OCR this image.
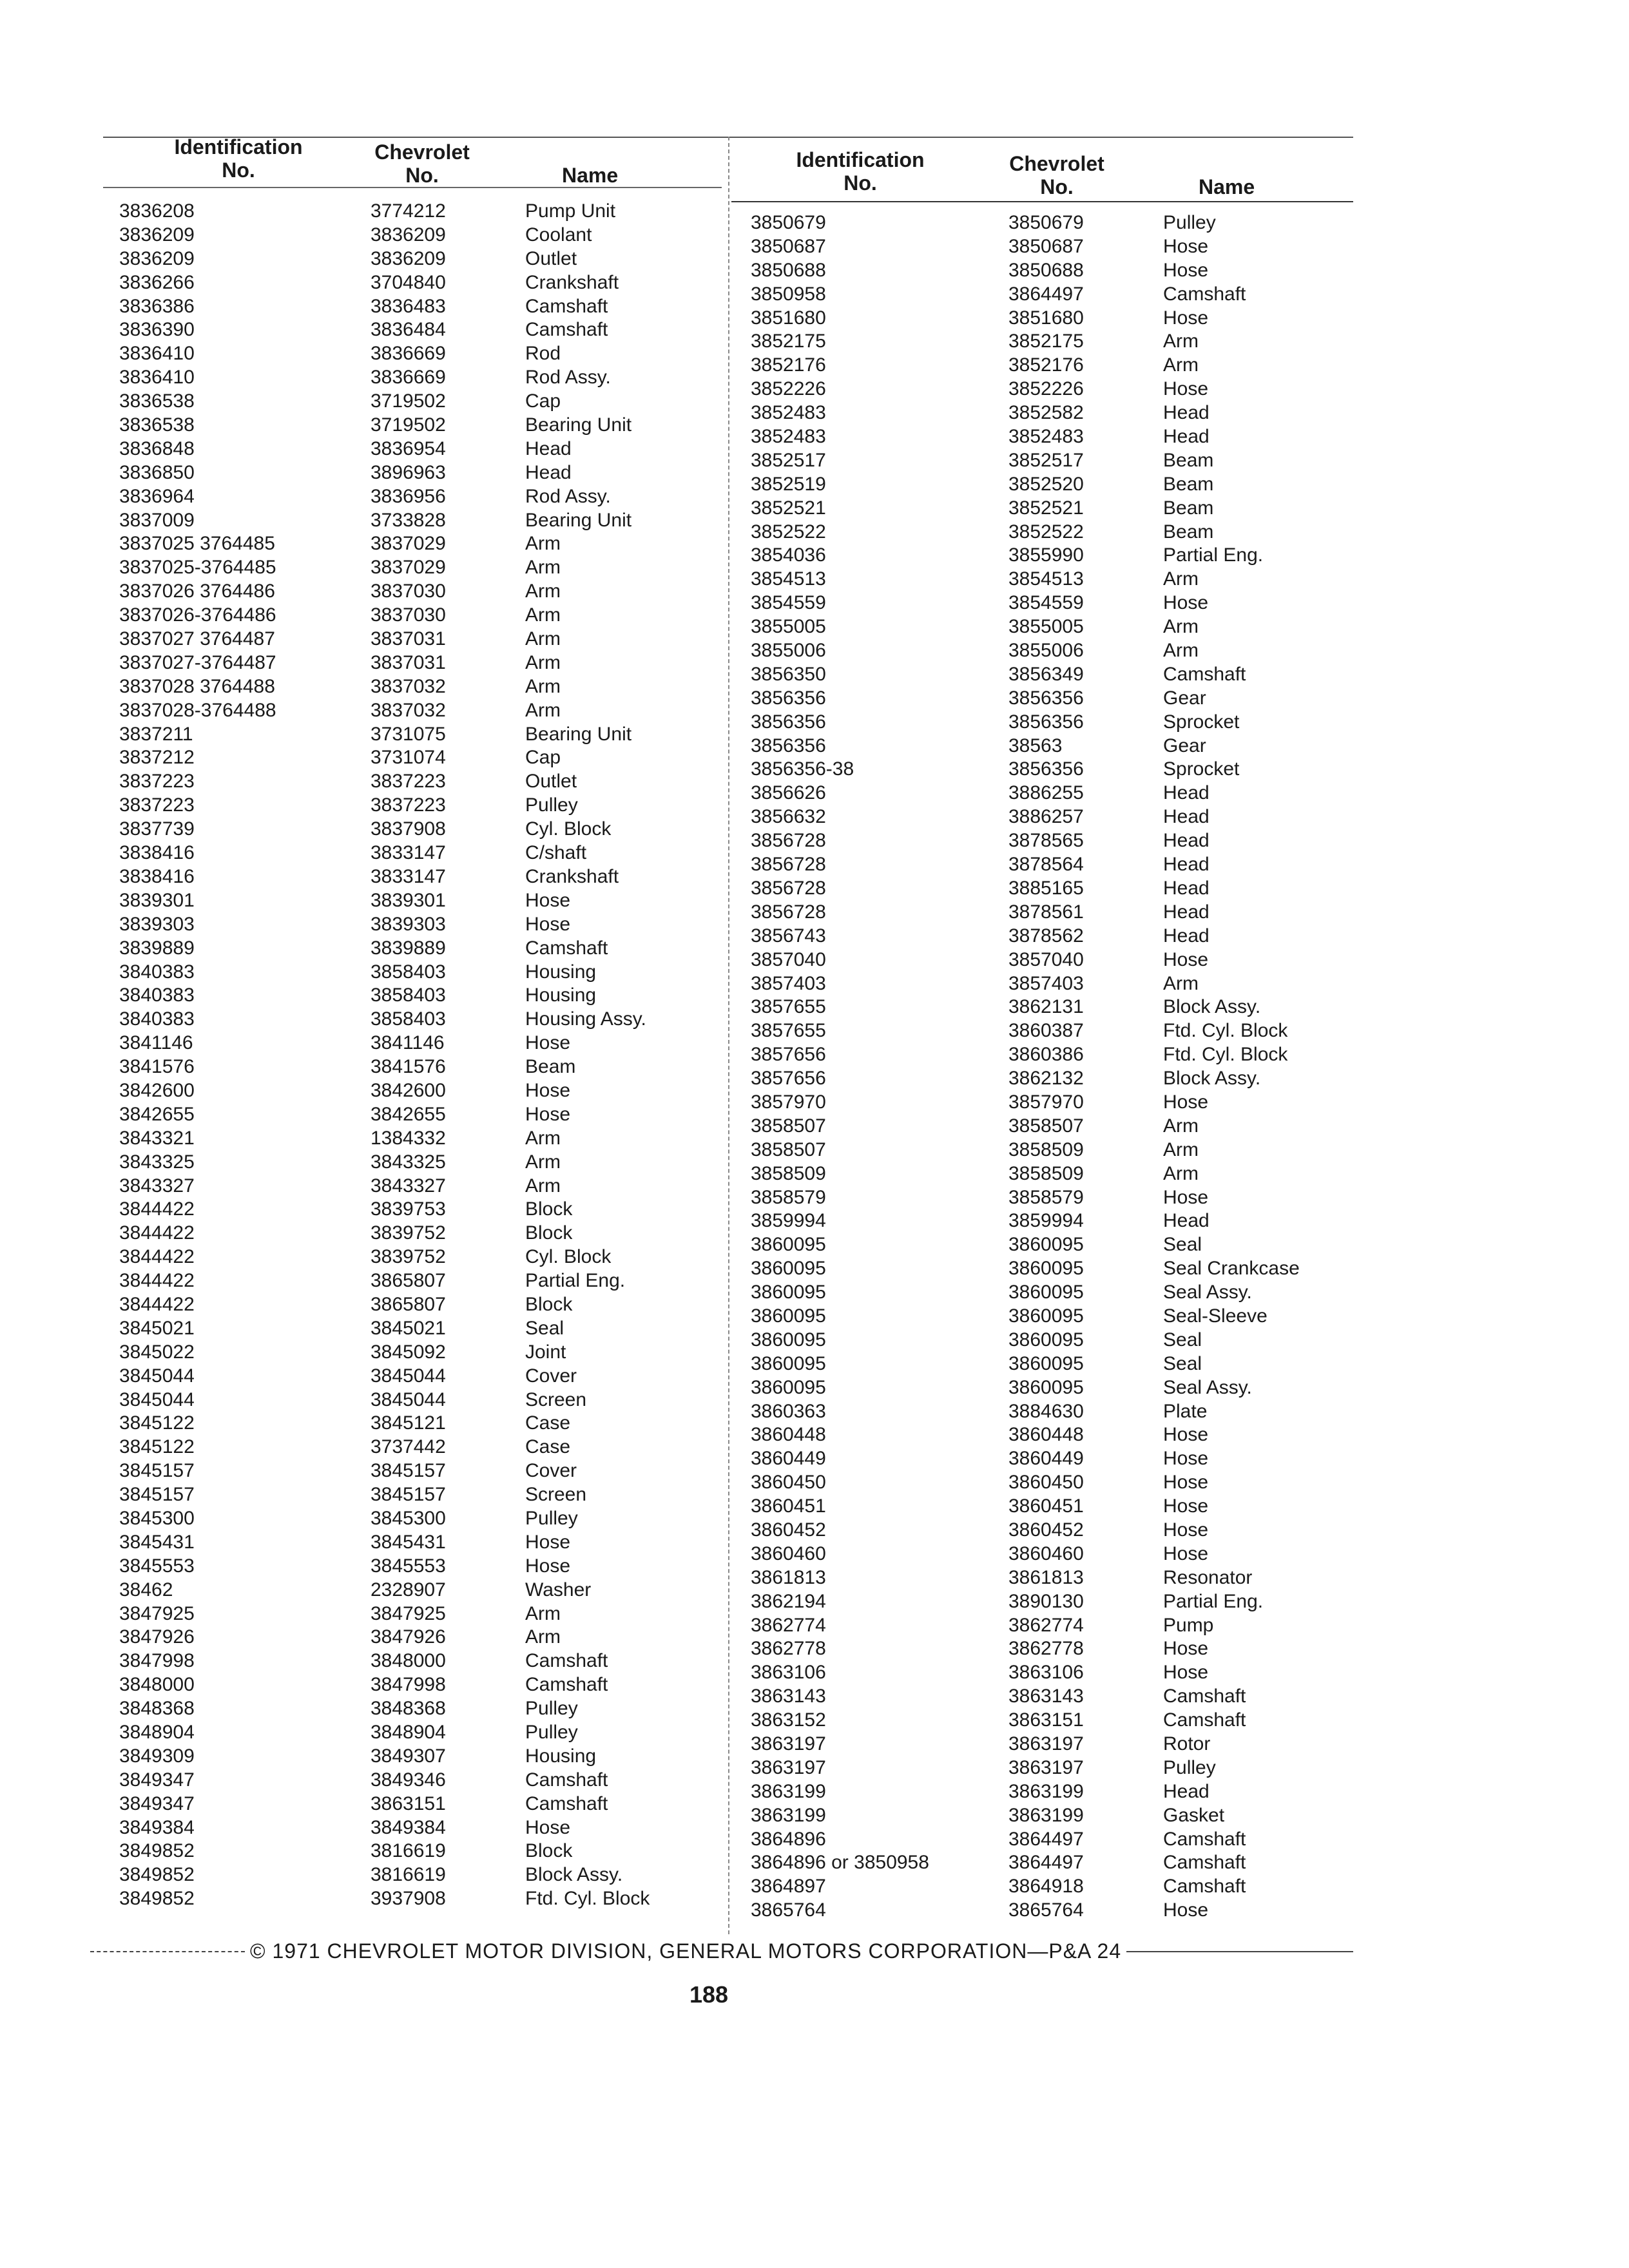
Identification
No.
Chevrolet
No.	Name
Identification
No.
Chevrolet
No.	Name
3836208	3774212	Pump Unit
3836209	3836209	Coolant
3836209	3836209	Outlet
3836266	3704840	Crankshaft
3836386	3836483	Camshaft
3836390	3836484	Camshaft
3836410	3836669	Rod
3836410	3836669	Rod Assy.
3836538	3719502	Cap
3836538	3719502	Bearing Unit
3836848	3836954	Head
3836850	3896963	Head
3836964	3836956	Rod Assy.
3837009	3733828	Bearing Unit
3837025 3764485	3837029	Arm
3837025-3764485	3837029	Arm
3837026 3764486	3837030	Arm
3837026-3764486	3837030	Arm
3837027 3764487	3837031	Arm
3837027-3764487	3837031	Arm
3837028 3764488	3837032	Arm
3837028-3764488	3837032	Arm
3837211	3731075	Bearing Unit
3837212	3731074	Cap
3837223	3837223	Outlet
3837223	3837223	Pulley
3837739	3837908	Cyl. Block
3838416	3833147	C/shaft
3838416	3833147	Crankshaft
3839301	3839301	Hose
3839303	3839303	Hose
3839889	3839889	Camshaft
3840383	3858403	Housing
3840383	3858403	Housing
3840383	3858403	Housing Assy.
3841146	3841146	Hose
3841576	3841576	Beam
3842600	3842600	Hose
3842655	3842655	Hose
3843321	1384332	Arm
3843325	3843325	Arm
3843327	3843327	Arm
3844422	3839753	Block
3844422	3839752	Block
3844422	3839752	Cyl. Block
3844422	3865807	Partial Eng.
3844422	3865807	Block
3845021	3845021	Seal
3845022	3845092	Joint
3845044	3845044	Cover
3845044	3845044	Screen
3845122	3845121	Case
3845122	3737442	Case
3845157	3845157	Cover
3845157	3845157	Screen
3845300	3845300	Pulley
3845431	3845431	Hose
3845553	3845553	Hose
38462	2328907	Washer
3847925	3847925	Arm
3847926	3847926	Arm
3847998	3848000	Camshaft
3848000	3847998	Camshaft
3848368	3848368	Pulley
3848904	3848904	Pulley
3849309	3849307	Housing
3849347	3849346	Camshaft
3849347	3863151	Camshaft
3849384	3849384	Hose
3849852	3816619	Block
3849852	3816619	Block Assy.
3849852	3937908	Ftd. Cyl. Block
3850679	3850679	Pulley
3850687	3850687	Hose
3850688	3850688	Hose
3850958	3864497	Camshaft
3851680	3851680	Hose
3852175	3852175	Arm
3852176	3852176	Arm
3852226	3852226	Hose
3852483	3852582	Head
3852483	3852483	Head
3852517	3852517	Beam
3852519	3852520	Beam
3852521	3852521	Beam
3852522	3852522	Beam
3854036	3855990	Partial Eng.
3854513	3854513	Arm
3854559	3854559	Hose
3855005	3855005	Arm
3855006	3855006	Arm
3856350	3856349	Camshaft
3856356	3856356	Gear
3856356	3856356	Sprocket
3856356	38563	Gear
3856356-38	3856356	Sprocket
3856626	3886255	Head
3856632	3886257	Head
3856728	3878565	Head
3856728	3878564	Head
3856728	3885165	Head
3856728	3878561	Head
3856743	3878562	Head
3857040	3857040	Hose
3857403	3857403	Arm
3857655	3862131	Block Assy.
3857655	3860387	Ftd. Cyl. Block
3857656	3860386	Ftd. Cyl. Block
3857656	3862132	Block Assy.
3857970	3857970	Hose
3858507	3858507	Arm
3858507	3858509	Arm
3858509	3858509	Arm
3858579	3858579	Hose
3859994	3859994	Head
3860095	3860095	Seal
3860095	3860095	Seal Crankcase
3860095	3860095	Seal Assy.
3860095	3860095	Seal-Sleeve
3860095	3860095	Seal
3860095	3860095	Seal
3860095	3860095	Seal Assy.
3860363	3884630	Plate
3860448	3860448	Hose
3860449	3860449	Hose
3860450	3860450	Hose
3860451	3860451	Hose
3860452	3860452	Hose
3860460	3860460	Hose
3861813	3861813	Resonator
3862194	3890130	Partial Eng.
3862774	3862774	Pump
3862778	3862778	Hose
3863106	3863106	Hose
3863143	3863143	Camshaft
3863152	3863151	Camshaft
3863197	3863197	Rotor
3863197	3863197	Pulley
3863199	3863199	Head
3863199	3863199	Gasket
3864896	3864497	Camshaft
3864896 or 3850958	3864497	Camshaft
3864897	3864918	Camshaft
3865764	3865764	Hose
© 1971 CHEVROLET MOTOR DIVISION, GENERAL MOTORS CORPORATION—P&A 24
188
